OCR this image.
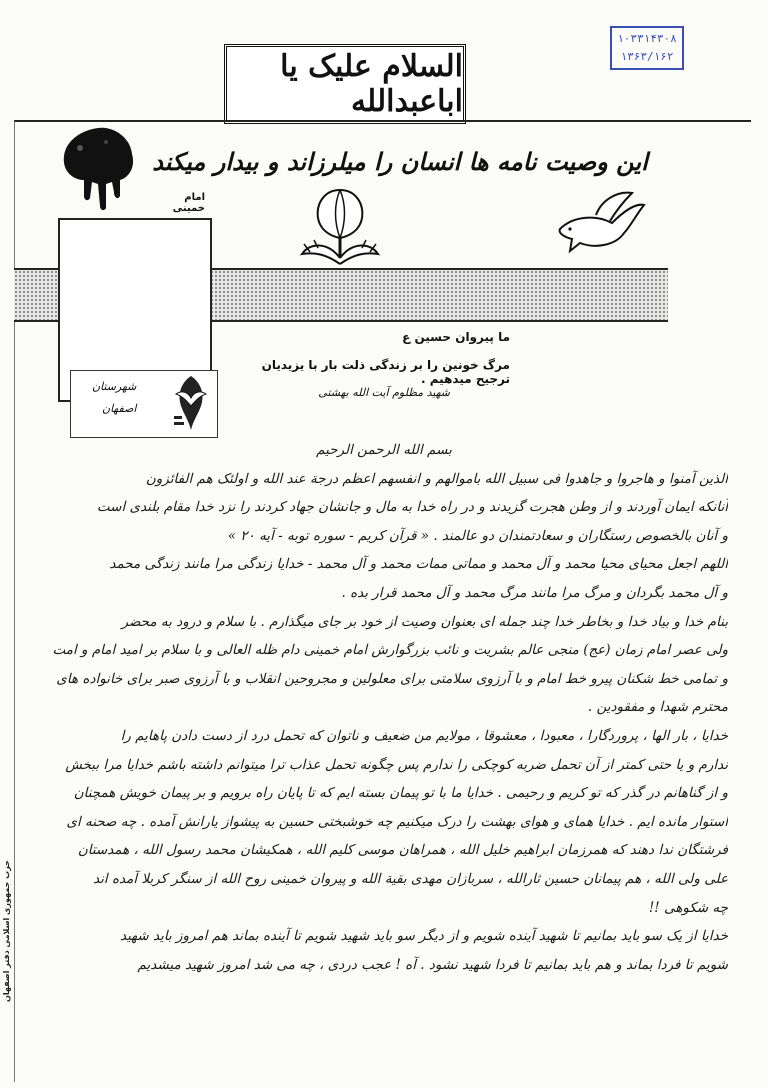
۱۰۳۳۱۴۳۰۸
۱۳۶۳/۱۶۲
السلام علیک یا اباعبدالله
این وصیت نامه ها انسان را میلرزاند و بیدار میکند
امام خمینی
شهرستان
اصفهان
ما پیروان حسین ع
مرگ خونین را بر زندگی ذلت بار با یزیدیان ترجیح میدهیم .
شهید مظلوم آیت الله بهشتی
بسم الله الرحمن الرحیم
الذین آمنوا و هاجروا و جاهدوا فی سبیل الله باموالهم و انفسهم اعظم درجة عند الله و اولئک هم الفائزون
آنانکه ایمان آوردند و از وطن هجرت گزیدند و در راه خدا به مال و جانشان جهاد کردند را نزد خدا مقام بلندی است
و آنان بالخصوص رستگاران و سعادتمندان دو عالمند . « قرآن کریم - سوره توبه - آیه ۲۰ »
اللهم اجعل محیای محیا محمد و آل محمد و مماتی ممات محمد و آل محمد - خدایا زندگی مرا مانند زندگی محمد
و آل محمد بگردان و مرگ مرا مانند مرگ محمد و آل محمد قرار بده .
بنام خدا و بیاد خدا و بخاطر خدا چند جمله ای بعنوان وصیت از خود بر جای میگذارم . با سلام و درود به محضر
ولی عصر امام زمان (عج) منجی عالم بشریت و نائب بزرگوارش امام خمینی دام ظله العالی و با سلام بر امید امام و امت
و تمامی خط شکنان پیرو خط امام و با آرزوی سلامتی برای معلولین و مجروحین انقلاب و با آرزوی صبر برای خانواده های
محترم شهدا و مفقودین .
خدایا ، بار الها ، پروردگارا ، معبودا ، معشوقا ، مولایم من ضعیف و ناتوان که تحمل درد از دست دادن پاهایم را
ندارم و یا حتی کمتر از آن تحمل ضربه کوچکی را ندارم پس چگونه تحمل عذاب ترا میتوانم داشته باشم خدایا مرا ببخش
و از گناهانم در گذر که تو کریم و رحیمی . خدایا ما با تو پیمان بسته ایم که تا پایان راه برویم و بر پیمان خویش همچنان
استوار مانده ایم . خدایا همای و هوای بهشت را درک میکنیم چه خوشبختی حسین به پیشواز یارانش آمده . چه صحنه ای
فرشتگان ندا دهند که همرزمان ابراهیم خلیل الله ، همراهان موسی کلیم الله ، همکیشان محمد رسول الله ، همدستان
علی ولی الله ، هم پیمانان حسین ثارالله ، سربازان مهدی بقیة الله و پیروان خمینی روح الله از سنگر کربلا آمده اند
چه شکوهی !!
خدایا از یک سو باید بمانیم تا شهید آینده شویم و از دیگر سو باید شهید شویم تا آینده بماند هم امروز باید شهید
شویم تا فردا بماند و هم باید بمانیم تا فردا شهید نشود . آه ! عجب دردی ، چه می شد امروز شهید میشدیم
حزب جمهوری اسلامی دفتر اصفهان
